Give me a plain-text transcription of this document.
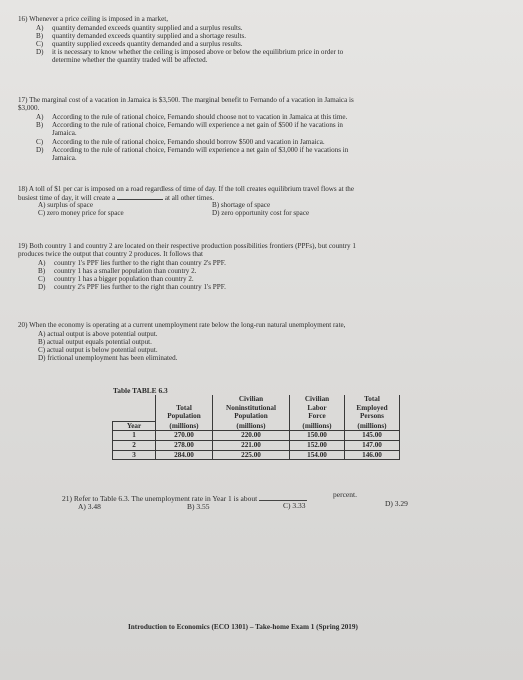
16) Whenever a price ceiling is imposed in a market,
A) quantity demanded exceeds quantity supplied and a surplus results.
B) quantity demanded exceeds quantity supplied and a shortage results.
C) quantity supplied exceeds quantity demanded and a surplus results.
D) it is necessary to know whether the ceiling is imposed above or below the equilibrium price in order to
determine whether the quantity traded will be affected.
17) The marginal cost of a vacation in Jamaica is $3,500. The marginal benefit to Fernando of a vacation in Jamaica is
$3,000.
A) According to the rule of rational choice, Fernando should choose not to vacation in Jamaica at this time.
B) According to the rule of rational choice, Fernando will experience a net gain of $500 if he vacations in
Jamaica.
C) According to the rule of rational choice, Fernando should borrow $500 and vacation in Jamaica.
D) According to the rule of rational choice, Fernando will experience a net gain of $3,000 if he vacations in
Jamaica.
18) A toll of $1 per car is imposed on a road regardless of time of day. If the toll creates equilibrium travel flows at the
busiest time of day, it will create a	at all other times.
A) surplus of space	B) shortage of space
C) zero money price for space	D) zero opportunity cost for space
19) Both country 1 and country 2 are located on their respective production possibilities frontiers (PPFs), but country 1
produces twice the output that country 2 produces. It follows that
A) country 1's PPF lies further to the right than country 2's PPF.
B) country 1 has a smaller population than country 2.
C) country 1 has a bigger population than country 2.
D) country 2's PPF lies further to the right than country 1's PPF.
20) When the economy is operating at a current unemployment rate below the long-run natural unemployment rate,
A) actual output is above potential output.
B) actual output equals potential output.
C) actual output is below potential output.
D) frictional unemployment has been eliminated.
Table TABLE 6.3
		Civilian	Civilian	Total
	Total	Noninstitutional	Labor	Employed
	Population	Population	Force	Persons
Year	(millions)	(millions)	(millions)	(millions)
1	270.00	220.00	150.00	145.00
2	278.00	221.00	152.00	147.00
3	284.00	225.00	154.00	146.00
21) Refer to Table 6.3. The unemployment rate in Year 1 is about	percent.
A) 3.48	B) 3.55	C) 3.33	D) 3.29
Introduction to Economics (ECO 1301) – Take-home Exam 1 (Spring 2019)
